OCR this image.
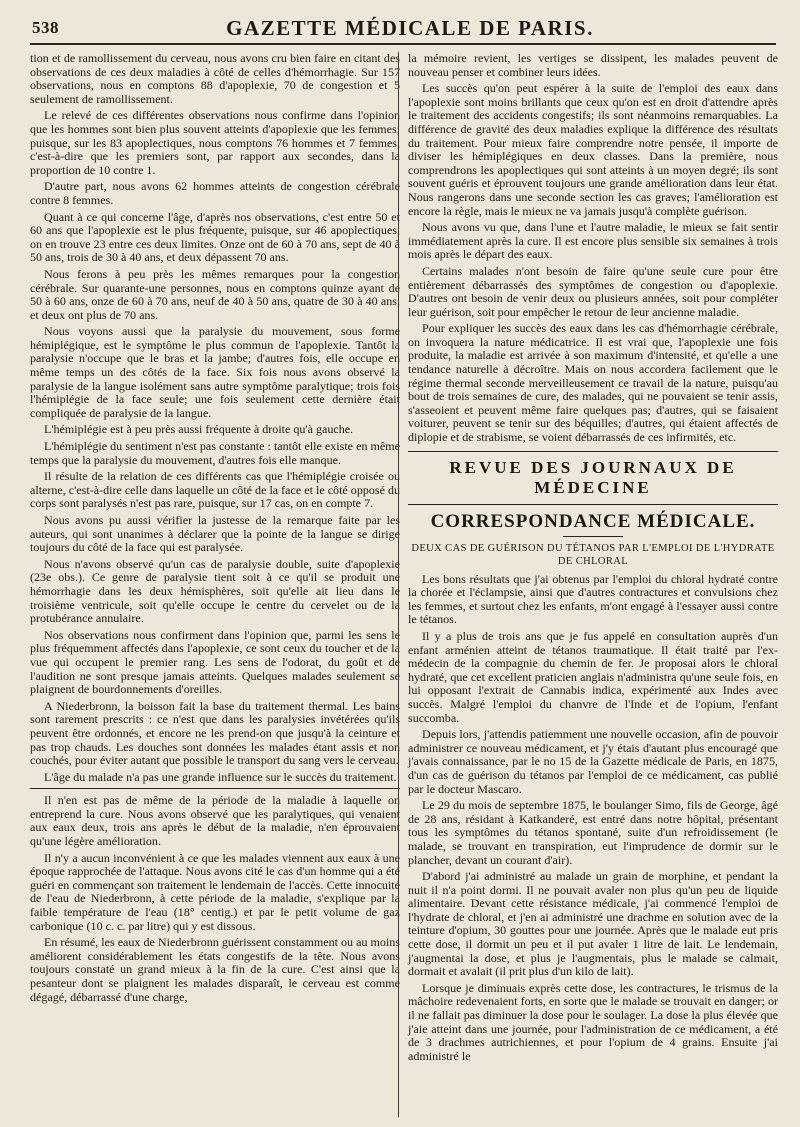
538	GAZETTE MÉDICALE DE PARIS.

tion et de ramollissement du cerveau, nous avons cru bien faire en citant des observations de ces deux maladies à côté de celles d'hémorrhagie. Sur 157 observations, nous en comptons 88 d'apoplexie, 70 de congestion et 5 seulement de ramollissement.

Le relevé de ces différentes observations nous confirme dans l'opinion que les hommes sont bien plus souvent atteints d'apoplexie que les femmes; puisque, sur les 83 apoplectiques, nous comptons 76 hommes et 7 femmes, c'est-à-dire que les premiers sont, par rapport aux secondes, dans la proportion de 10 contre 1.

D'autre part, nous avons 62 hommes atteints de congestion cérébrale contre 8 femmes.

Quant à ce qui concerne l'âge, d'après nos observations, c'est entre 50 et 60 ans que l'apoplexie est le plus fréquente, puisque, sur 46 apoplectiques, on en trouve 23 entre ces deux limites. Onze ont de 60 à 70 ans, sept de 40 à 50 ans, trois de 30 à 40 ans, et deux dépassent 70 ans.

Nous ferons à peu près les mêmes remarques pour la congestion cérébrale. Sur quarante-une personnes, nous en comptons quinze ayant de 50 à 60 ans, onze de 60 à 70 ans, neuf de 40 à 50 ans, quatre de 30 à 40 ans, et deux ont plus de 70 ans.

Nous voyons aussi que la paralysie du mouvement, sous forme hémiplégique, est le symptôme le plus commun de l'apoplexie. Tantôt la paralysie n'occupe que le bras et la jambe; d'autres fois, elle occupe en même temps un des côtés de la face. Six fois nous avons observé la paralysie de la langue isolément sans autre symptôme paralytique; trois fois l'hémiplégie de la face seule; une fois seulement cette dernière était compliquée de paralysie de la langue.

L'hémiplégie est à peu près aussi fréquente à droite qu'à gauche.

L'hémiplégie du sentiment n'est pas constante : tantôt elle existe en même temps que la paralysie du mouvement, d'autres fois elle manque.

Il résulte de la relation de ces différents cas que l'hémiplégie croisée ou alterne, c'est-à-dire celle dans laquelle un côté de la face et le côté opposé du corps sont paralysés n'est pas rare, puisque, sur 17 cas, on en compte 7.

Nous avons pu aussi vérifier la justesse de la remarque faite par les auteurs, qui sont unanimes à déclarer que la pointe de la langue se dirige toujours du côté de la face qui est paralysée.

Nous n'avons observé qu'un cas de paralysie double, suite d'apoplexie (23e obs.). Ce genre de paralysie tient soit à ce qu'il se produit une hémorrhagie dans les deux hémisphères, soit qu'elle ait lieu dans le troisième ventricule, soit qu'elle occupe le centre du cervelet ou de la protubérance annulaire.

Nos observations nous confirment dans l'opinion que, parmi les sens le plus fréquemment affectés dans l'apoplexie, ce sont ceux du toucher et de la vue qui occupent le premier rang. Les sens de l'odorat, du goût et de l'audition ne sont presque jamais atteints. Quelques malades seulement se plaignent de bourdonnements d'oreilles.

A Niederbronn, la boisson fait la base du traitement thermal. Les bains sont rarement prescrits : ce n'est que dans les paralysies invétérées qu'ils peuvent être ordonnés, et encore ne les prend-on que jusqu'à la ceinture et pas trop chauds. Les douches sont données les malades étant assis et non couchés, pour éviter autant que possible le transport du sang vers le cerveau.

L'âge du malade n'a pas une grande influence sur le succès du traitement.

Il n'en est pas de même de la période de la maladie à laquelle on entreprend la cure. Nous avons observé que les paralytiques, qui venaient aux eaux deux, trois ans après le début de la maladie, n'en éprouvaient qu'une légère amélioration.

Il n'y a aucun inconvénient à ce que les malades viennent aux eaux à une époque rapprochée de l'attaque. Nous avons cité le cas d'un homme qui a été guéri en commençant son traitement le lendemain de l'accès. Cette innocuité de l'eau de Niederbronn, à cette période de la maladie, s'explique par la faible température de l'eau (18° centig.) et par le petit volume de gaz carbonique (10 c. c. par litre) qui y est dissous.

En résumé, les eaux de Niederbronn guérissent constamment ou au moins améliorent considérablement les états congestifs de la tête. Nous avons toujours constaté un grand mieux à la fin de la cure. C'est ainsi que la pesanteur dont se plaignent les malades disparaît, le cerveau est comme dégagé, débarrassé d'une charge,

la mémoire revient, les vertiges se dissipent, les malades peuvent de nouveau penser et combiner leurs idées.

Les succès qu'on peut espérer à la suite de l'emploi des eaux dans l'apoplexie sont moins brillants que ceux qu'on est en droit d'attendre après le traitement des accidents congestifs; ils sont néanmoins remarquables. La différence de gravité des deux maladies explique la différence des résultats du traitement. Pour mieux faire comprendre notre pensée, il importe de diviser les hémiplégiques en deux classes. Dans la première, nous comprendrons les apoplectiques qui sont atteints à un moyen degré; ils sont souvent guéris et éprouvent toujours une grande amélioration dans leur état. Nous rangerons dans une seconde section les cas graves; l'amélioration est encore la règle, mais le mieux ne va jamais jusqu'à complète guérison.

Nous avons vu que, dans l'une et l'autre maladie, le mieux se fait sentir immédiatement après la cure. Il est encore plus sensible six semaines à trois mois après le départ des eaux.

Certains malades n'ont besoin de faire qu'une seule cure pour être entièrement débarrassés des symptômes de congestion ou d'apoplexie. D'autres ont besoin de venir deux ou plusieurs années, soit pour compléter leur guérison, soit pour empêcher le retour de leur ancienne maladie.

Pour expliquer les succès des eaux dans les cas d'hémorrhagie cérébrale, on invoquera la nature médicatrice. Il est vrai que, l'apoplexie une fois produite, la maladie est arrivée à son maximum d'intensité, et qu'elle a une tendance naturelle à décroître. Mais on nous accordera facilement que le régime thermal seconde merveilleusement ce travail de la nature, puisqu'au bout de trois semaines de cure, des malades, qui ne pouvaient se tenir assis, s'asseoient et peuvent même faire quelques pas; d'autres, qui se faisaient voiturer, peuvent se tenir sur des béquilles; d'autres, qui étaient affectés de diplopie et de strabisme, se voient débarrassés de ces infirmités, etc.

REVUE DES JOURNAUX DE MÉDECINE
CORRESPONDANCE MÉDICALE.
DEUX CAS DE GUÉRISON DU TÉTANOS PAR L'EMPLOI DE L'HYDRATE DE CHLORAL

Les bons résultats que j'ai obtenus par l'emploi du chloral hydraté contre la chorée et l'éclampsie, ainsi que d'autres contractures et convulsions chez les femmes, et surtout chez les enfants, m'ont engagé à l'essayer aussi contre le tétanos.

Il y a plus de trois ans que je fus appelé en consultation auprès d'un enfant arménien atteint de tétanos traumatique. Il était traité par l'ex-médecin de la compagnie du chemin de fer. Je proposai alors le chloral hydraté, que cet excellent praticien anglais n'administra qu'une seule fois, en lui opposant l'extrait de Cannabis indica, expérimenté aux Indes avec succès. Malgré l'emploi du chanvre de l'Inde et de l'opium, l'enfant succomba.

Depuis lors, j'attendis patiemment une nouvelle occasion, afin de pouvoir administrer ce nouveau médicament, et j'y étais d'autant plus encouragé que j'avais connaissance, par le no 15 de la Gazette médicale de Paris, en 1875, d'un cas de guérison du tétanos par l'emploi de ce médicament, cas publié par le docteur Mascaro.

Le 29 du mois de septembre 1875, le boulanger Simo, fils de George, âgé de 28 ans, résidant à Katkanderé, est entré dans notre hôpital, présentant tous les symptômes du tétanos spontané, suite d'un refroidissement (le malade, se trouvant en transpiration, eut l'imprudence de dormir sur le plancher, devant un courant d'air).

D'abord j'ai administré au malade un grain de morphine, et pendant la nuit il n'a point dormi. Il ne pouvait avaler non plus qu'un peu de liquide alimentaire. Devant cette résistance médicale, j'ai commencé l'emploi de l'hydrate de chloral, et j'en ai administré une drachme en solution avec de la teinture d'opium, 30 gouttes pour une journée. Après que le malade eut pris cette dose, il dormit un peu et il put avaler 1 litre de lait. Le lendemain, j'augmentai la dose, et plus je l'augmentais, plus le malade se calmait, dormait et avalait (il prit plus d'un kilo de lait).

Lorsque je diminuais exprès cette dose, les contractures, le trismus de la mâchoire redevenaient forts, en sorte que le malade se trouvait en danger; or il ne fallait pas diminuer la dose pour le soulager. La dose la plus élevée que j'aie atteint dans une journée, pour l'administration de ce médicament, a été de 3 drachmes autrichiennes, et pour l'opium de 4 grains. Ensuite j'ai administré le
